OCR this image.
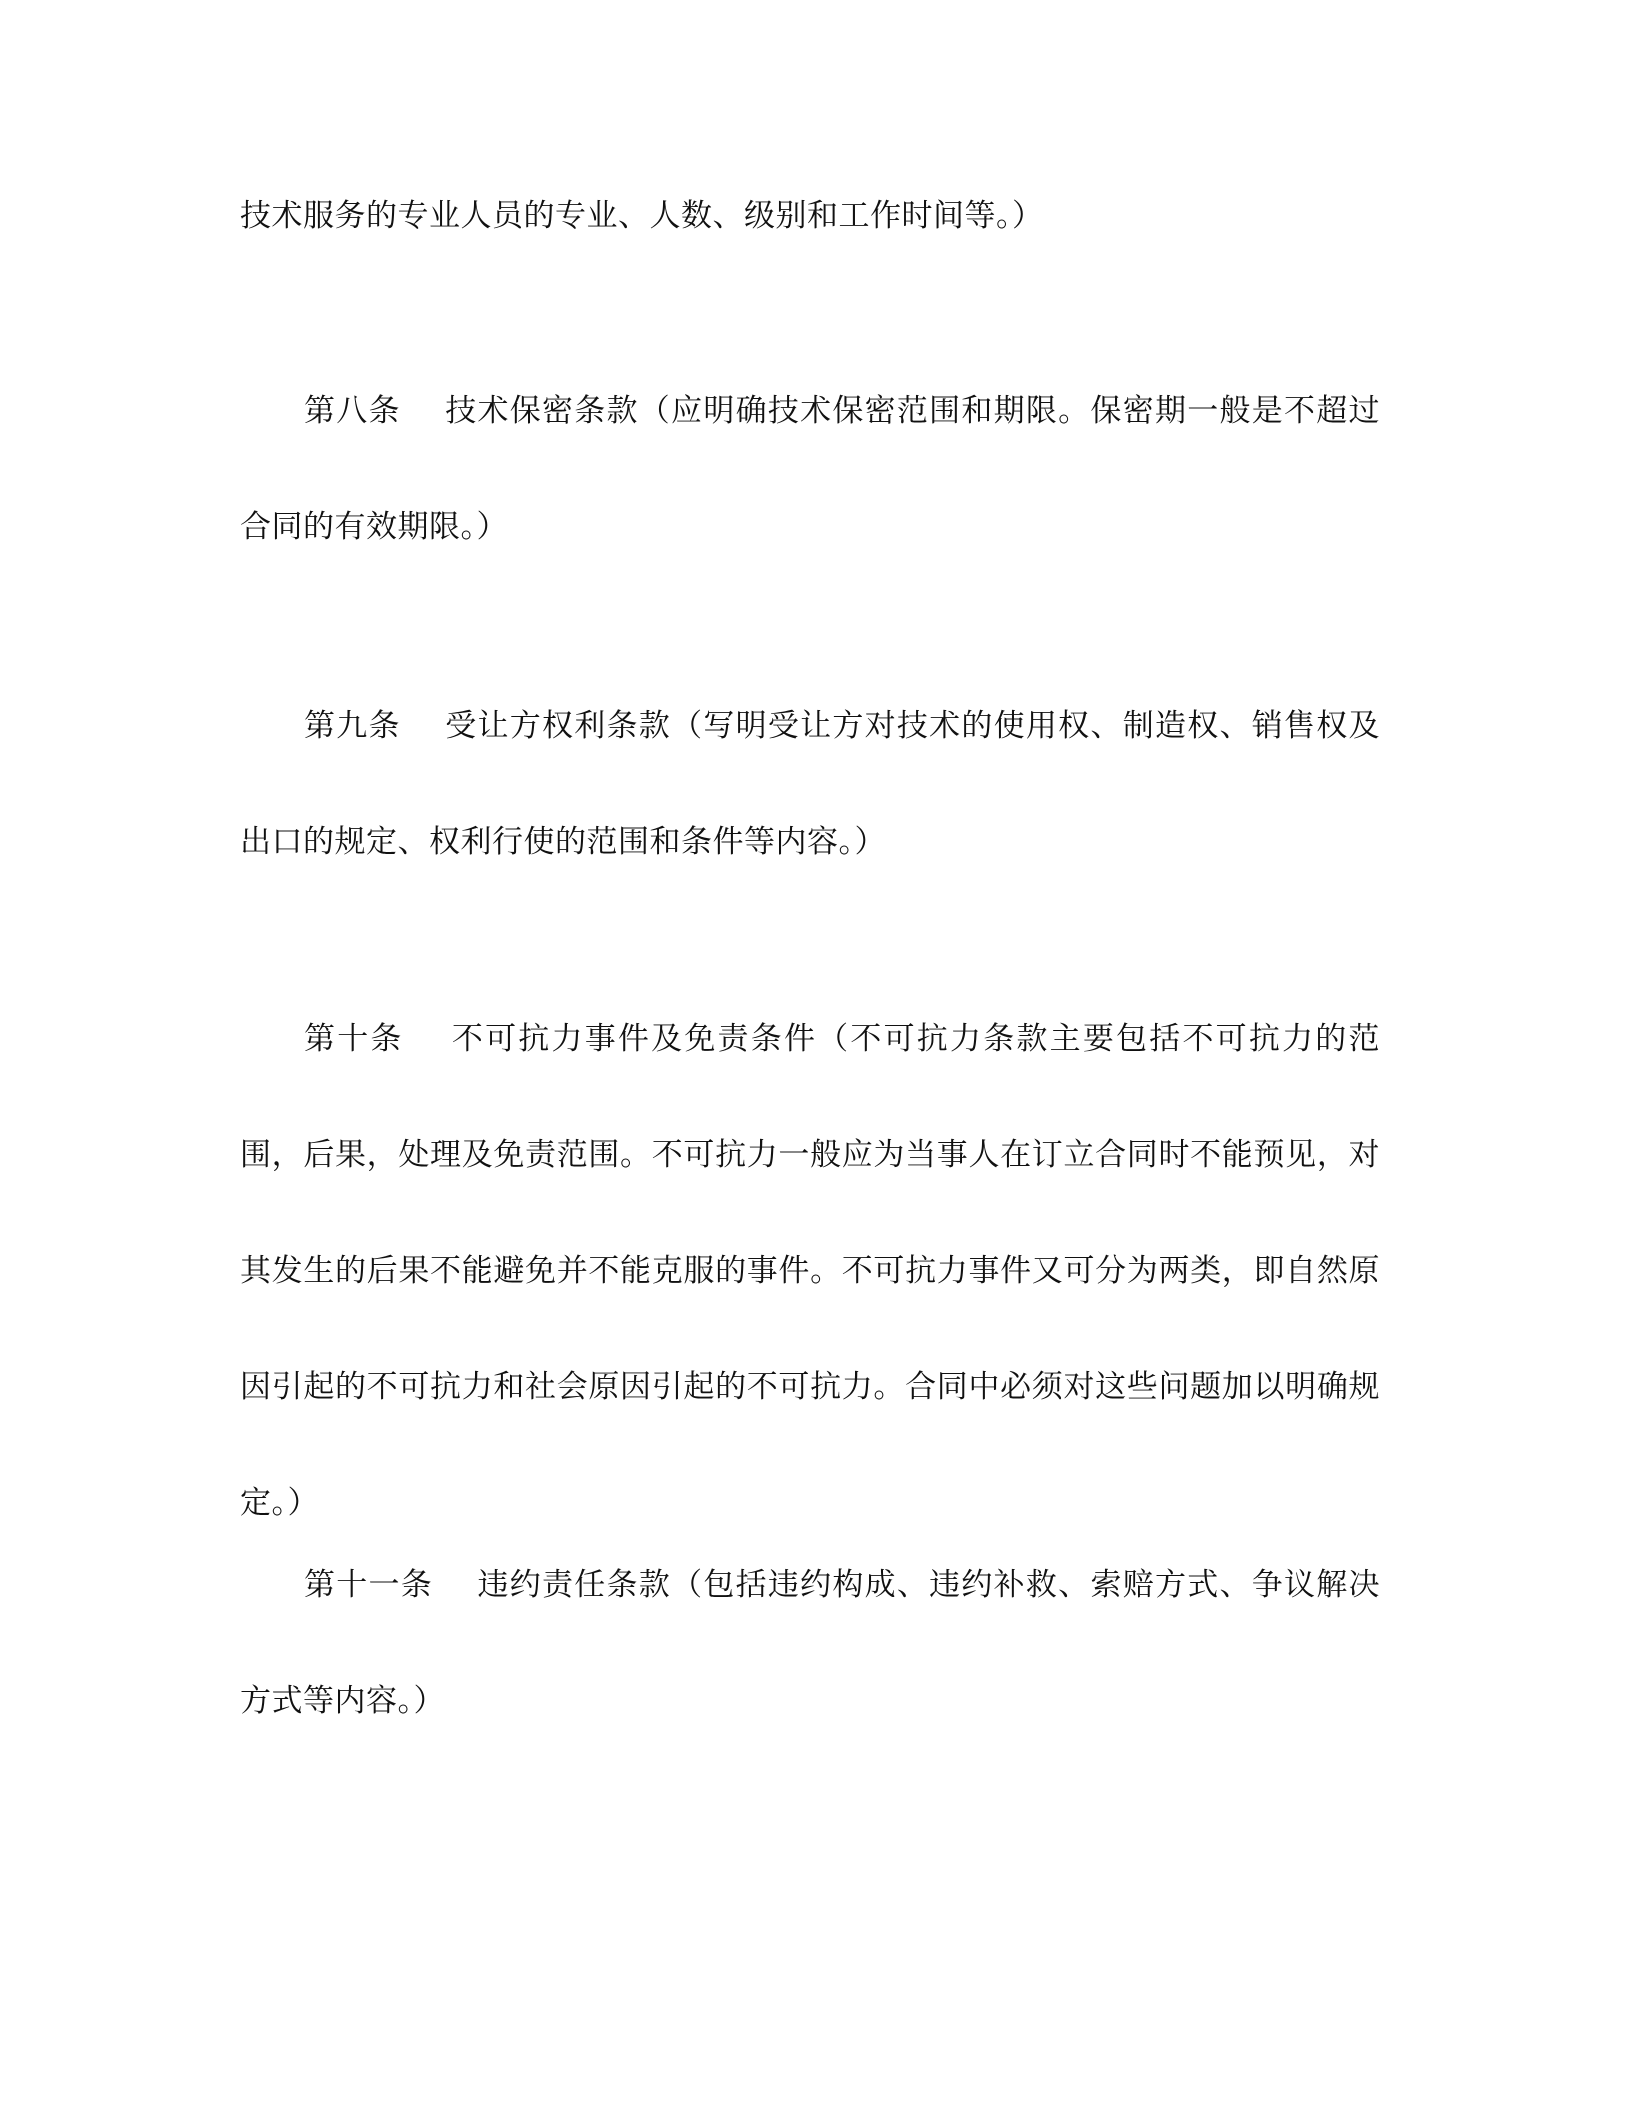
技术服务的专业人员的专业、人数、级别和工作时间等。）

第八条 技术保密条款（应明确技术保密范围和期限。保密期一般是不超过合同的有效期限。）

第九条 受让方权利条款（写明受让方对技术的使用权、制造权、销售权及出口的规定、权利行使的范围和条件等内容。）

第十条 不可抗力事件及免责条件（不可抗力条款主要包括不可抗力的范围，后果，处理及免责范围。不可抗力一般应为当事人在订立合同时不能预见，对其发生的后果不能避免并不能克服的事件。不可抗力事件又可分为两类，即自然原因引起的不可抗力和社会原因引起的不可抗力。合同中必须对这些问题加以明确规定。）

第十一条 违约责任条款（包括违约构成、违约补救、索赔方式、争议解决方式等内容。）
